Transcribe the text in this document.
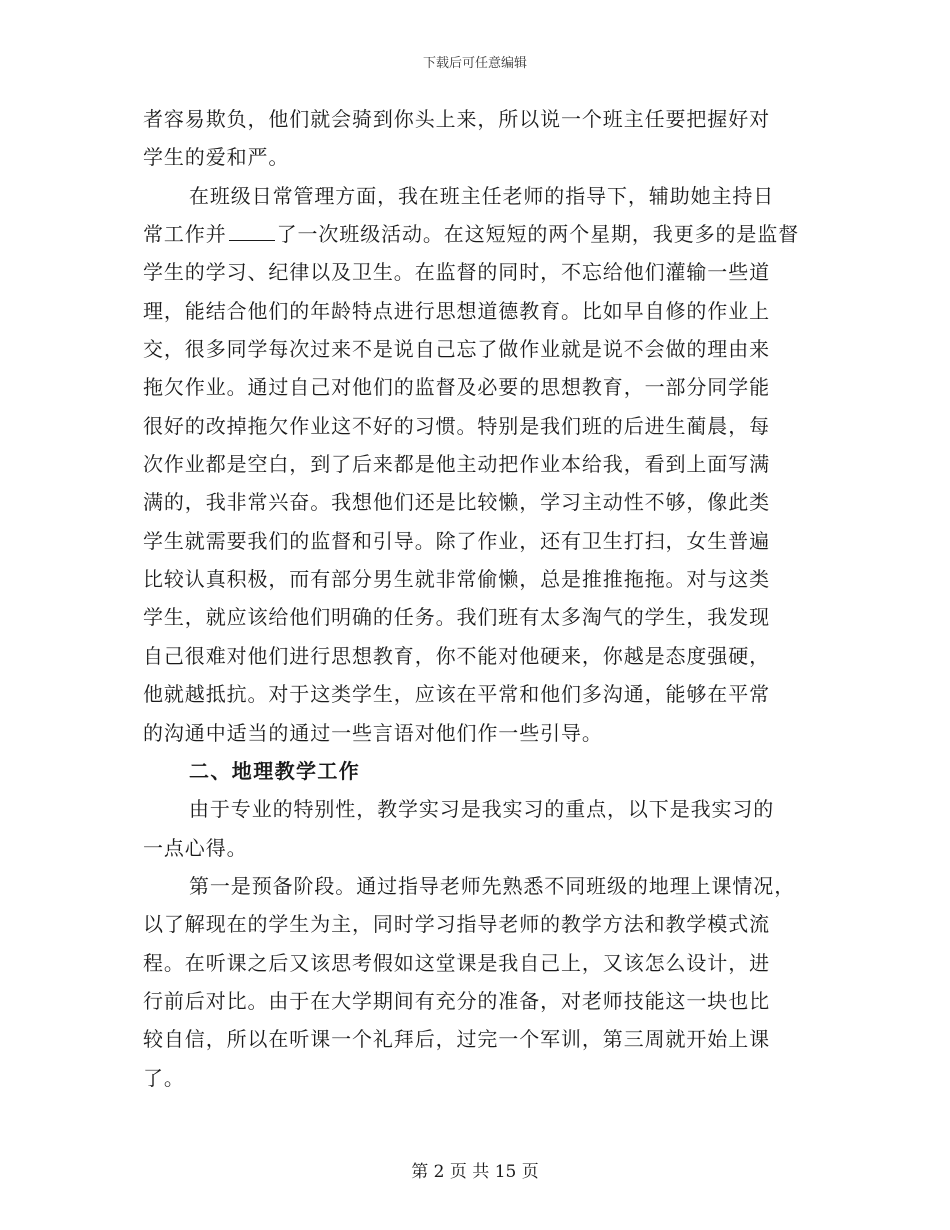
下载后可任意编辑
者容易欺负，他们就会骑到你头上来，所以说一个班主任要把握好对
学生的爱和严。
在班级日常管理方面，我在班主任老师的指导下，辅助她主持日
常工作并	了一次班级活动。在这短短的两个星期，我更多的是监督
学生的学习、纪律以及卫生。在监督的同时，不忘给他们灌输一些道
理，能结合他们的年龄特点进行思想道德教育。比如早自修的作业上
交，很多同学每次过来不是说自己忘了做作业就是说不会做的理由来
拖欠作业。通过自己对他们的监督及必要的思想教育，一部分同学能
很好的改掉拖欠作业这不好的习惯。特别是我们班的后进生蔺晨，每
次作业都是空白，到了后来都是他主动把作业本给我，看到上面写满
满的，我非常兴奋。我想他们还是比较懒，学习主动性不够，像此类
学生就需要我们的监督和引导。除了作业，还有卫生打扫，女生普遍
比较认真积极，而有部分男生就非常偷懒，总是推推拖拖。对与这类
学生，就应该给他们明确的任务。我们班有太多淘气的学生，我发现
自己很难对他们进行思想教育，你不能对他硬来，你越是态度强硬，
他就越抵抗。对于这类学生，应该在平常和他们多沟通，能够在平常
的沟通中适当的通过一些言语对他们作一些引导。
二、地理教学工作
由于专业的特别性，教学实习是我实习的重点，以下是我实习的
一点心得。
第一是预备阶段。通过指导老师先熟悉不同班级的地理上课情况，
以了解现在的学生为主，同时学习指导老师的教学方法和教学模式流
程。在听课之后又该思考假如这堂课是我自己上，又该怎么设计，进
行前后对比。由于在大学期间有充分的准备，对老师技能这一块也比
较自信，所以在听课一个礼拜后，过完一个军训，第三周就开始上课
了。
第 2 页 共 15 页
